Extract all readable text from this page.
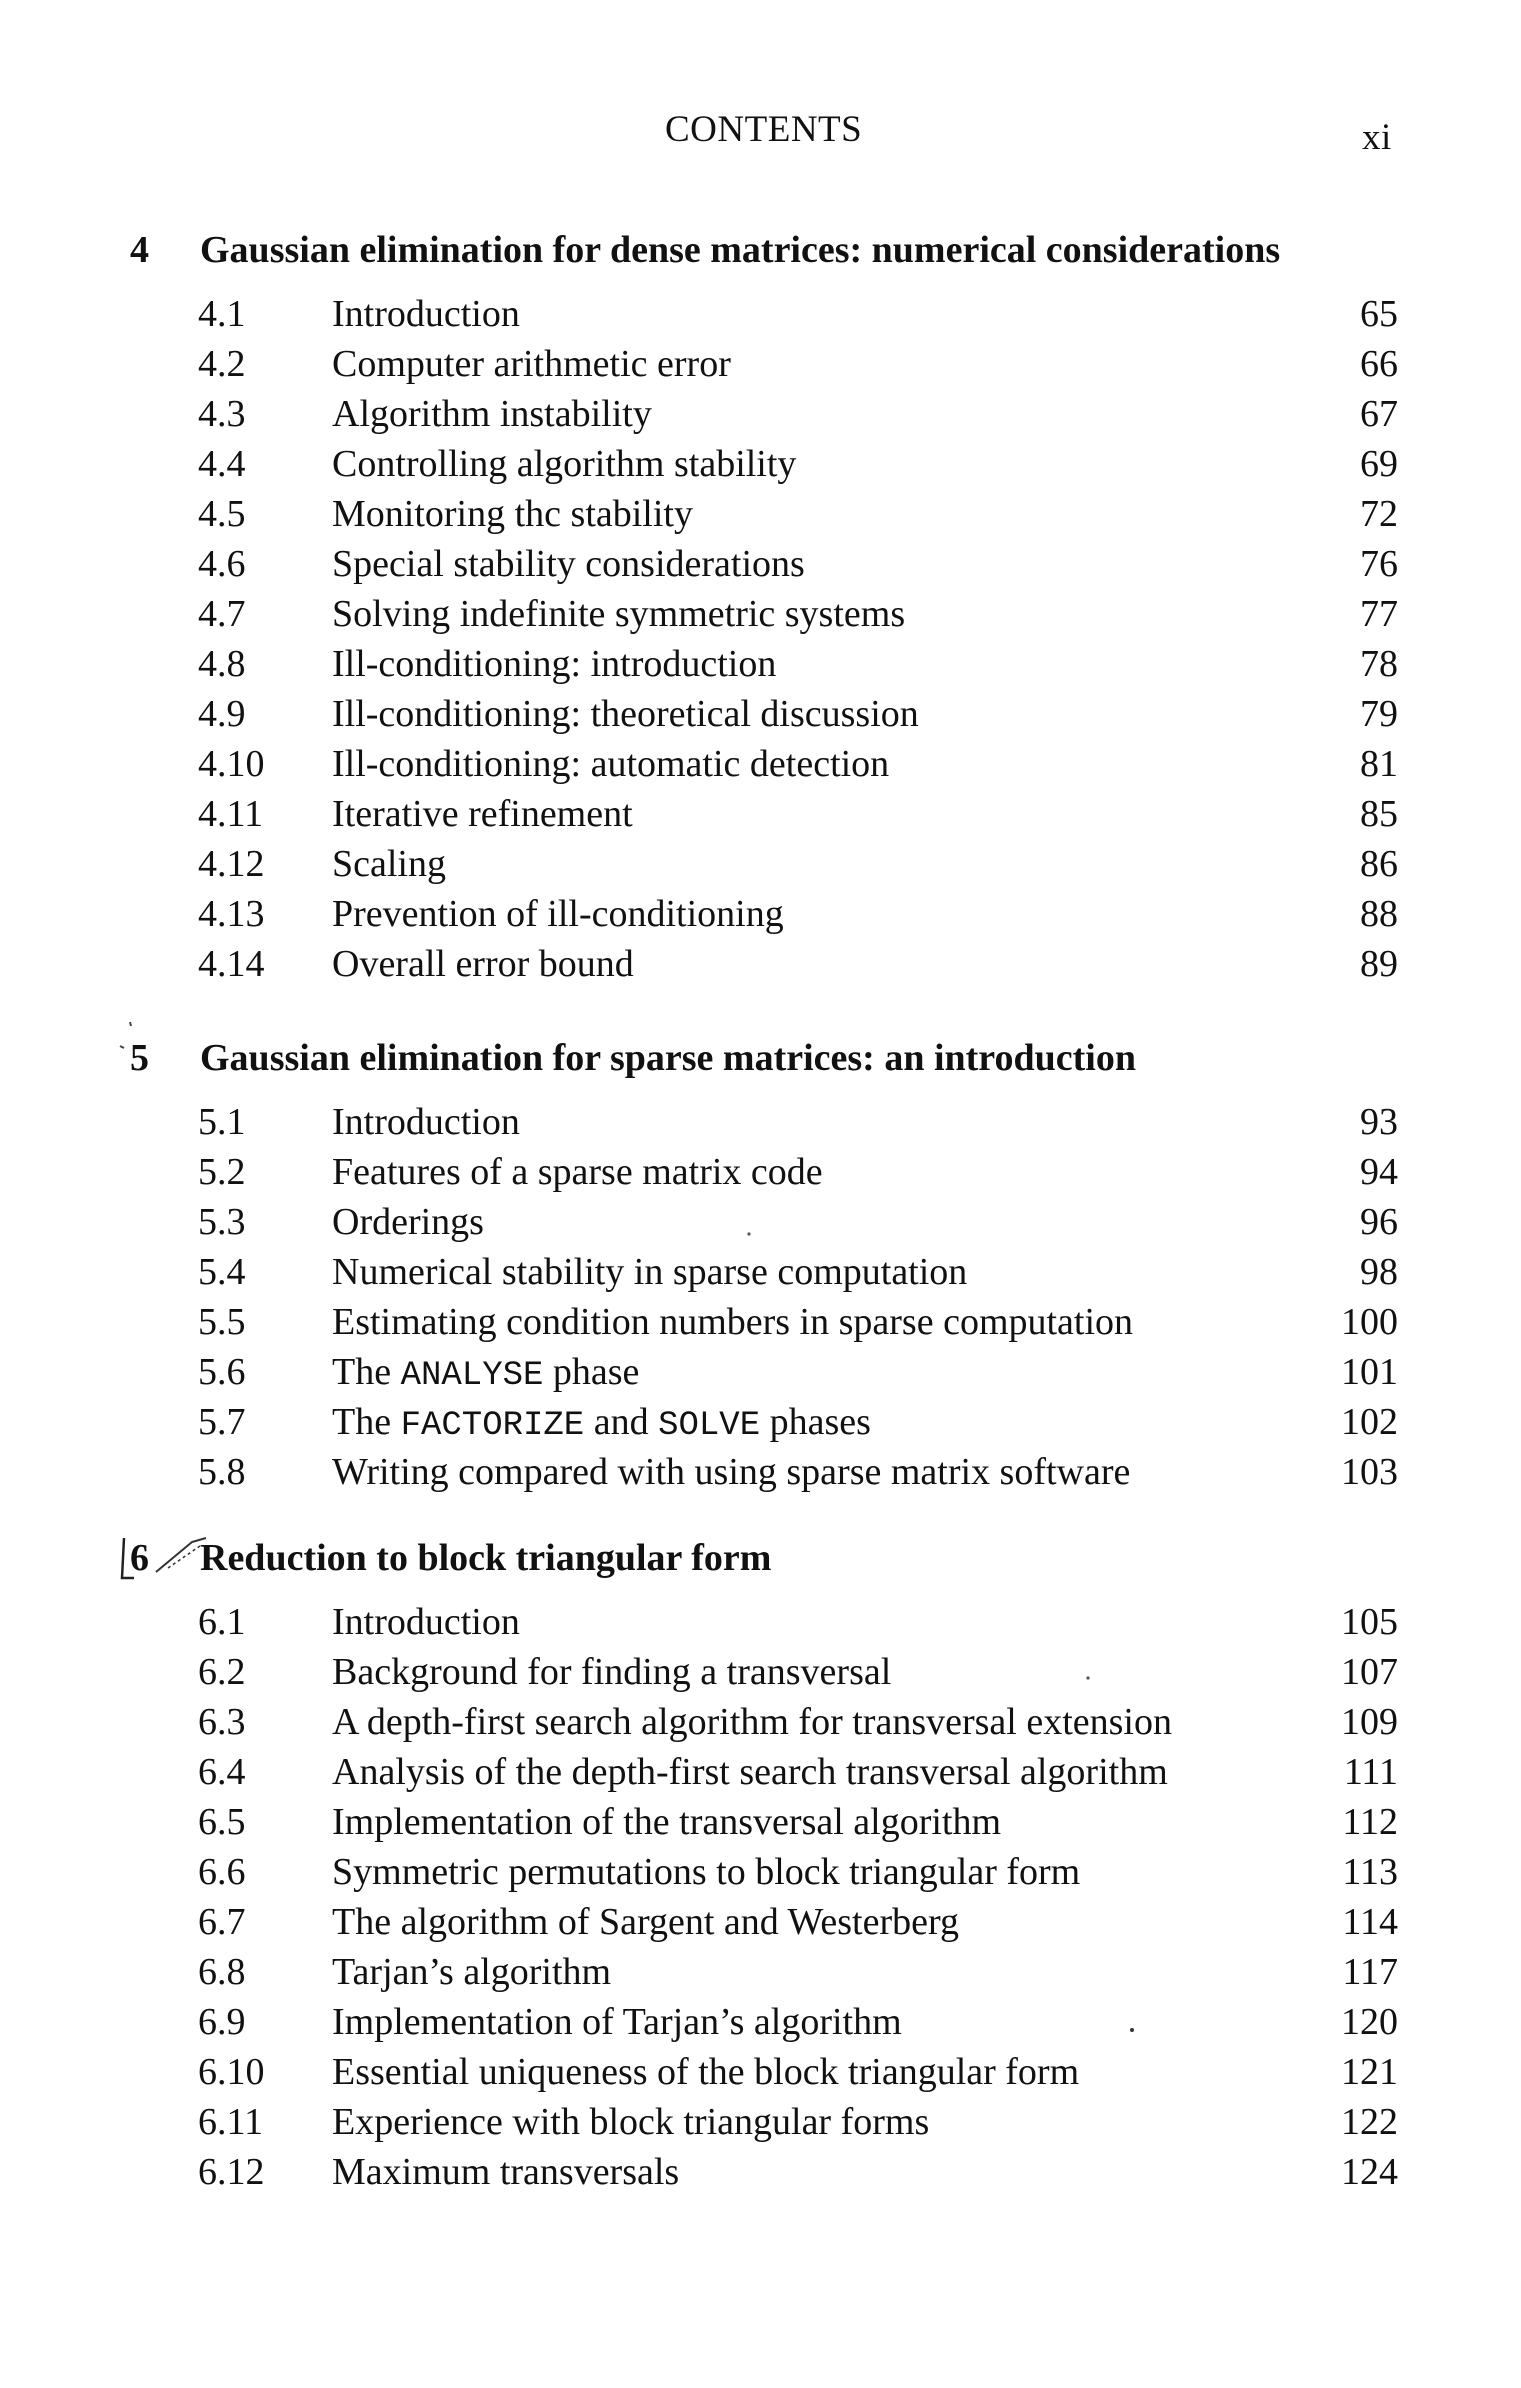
CONTENTS	xi
4 Gaussian elimination for dense matrices: numerical considerations
4.1 Introduction	65
4.2 Computer arithmetic error	66
4.3 Algorithm instability	67
4.4 Controlling algorithm stability	69
4.5 Monitoring thc stability	72
4.6 Special stability considerations	76
4.7 Solving indefinite symmetric systems	77
4.8 Ill-conditioning: introduction	78
4.9 Ill-conditioning: theoretical discussion	79
4.10 Ill-conditioning: automatic detection	81
4.11 Iterative refinement	85
4.12 Scaling	86
4.13 Prevention of ill-conditioning	88
4.14 Overall error bound	89
5 Gaussian elimination for sparse matrices: an introduction
5.1 Introduction	93
5.2 Features of a sparse matrix code	94
5.3 Orderings	96
5.4 Numerical stability in sparse computation	98
5.5 Estimating condition numbers in sparse computation	100
5.6 The ANALYSE phase	101
5.7 The FACTORIZE and SOLVE phases	102
5.8 Writing compared with using sparse matrix software	103
6 Reduction to block triangular form
6.1 Introduction	105
6.2 Background for finding a transversal	107
6.3 A depth-first search algorithm for transversal extension	109
6.4 Analysis of the depth-first search transversal algorithm	111
6.5 Implementation of the transversal algorithm	112
6.6 Symmetric permutations to block triangular form	113
6.7 The algorithm of Sargent and Westerberg	114
6.8 Tarjan’s algorithm	117
6.9 Implementation of Tarjan’s algorithm	120
6.10 Essential uniqueness of the block triangular form	121
6.11 Experience with block triangular forms	122
6.12 Maximum transversals	124
